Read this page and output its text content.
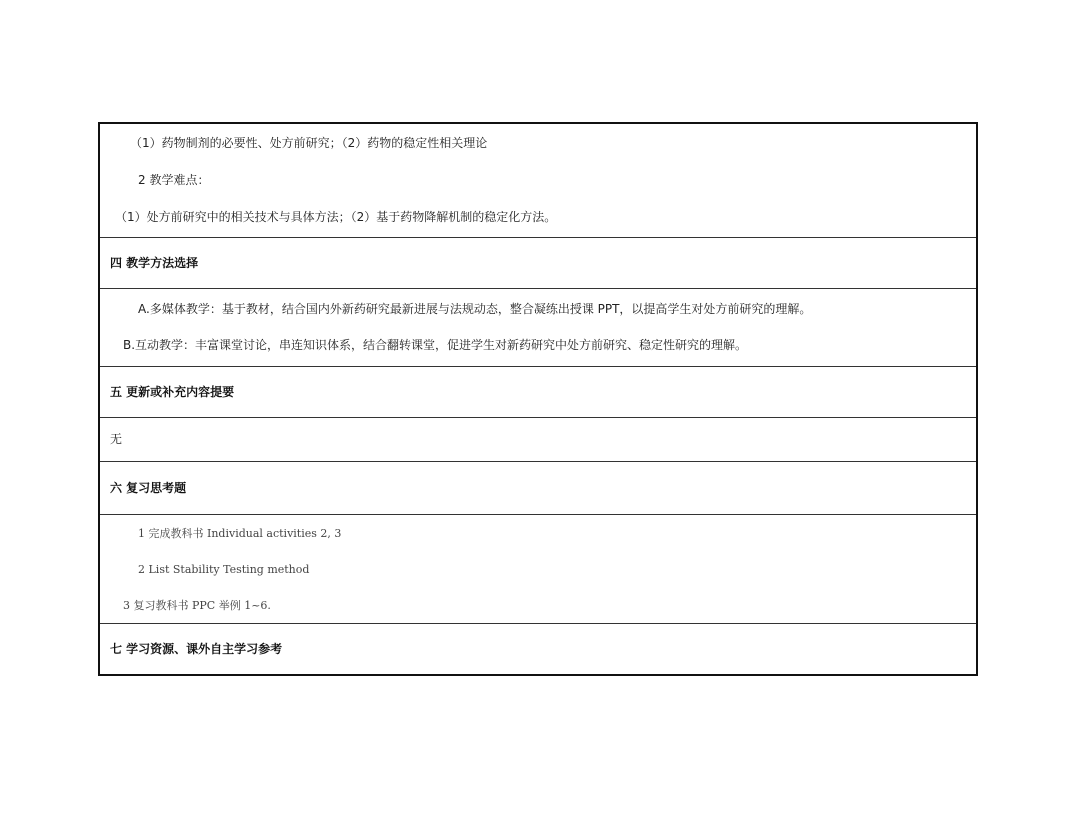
（1）药物制剂的必要性、处方前研究；（2）药物的稳定性相关理论
2 教学难点：
（1）处方前研究中的相关技术与具体方法；（2）基于药物降解机制的稳定化方法。
四 教学方法选择
A.多媒体教学：基于教材，结合国内外新药研究最新进展与法规动态，整合凝练出授课 PPT，以提高学生对处方前研究的理解。
B.互动教学：丰富课堂讨论，串连知识体系，结合翻转课堂，促进学生对新药研究中处方前研究、稳定性研究的理解。
五 更新或补充内容提要
无
六 复习思考题
1 完成教科书 Individual activities 2, 3
2 List Stability Testing method
3 复习教科书 PPC 举例 1~6.
七 学习资源、课外自主学习参考
